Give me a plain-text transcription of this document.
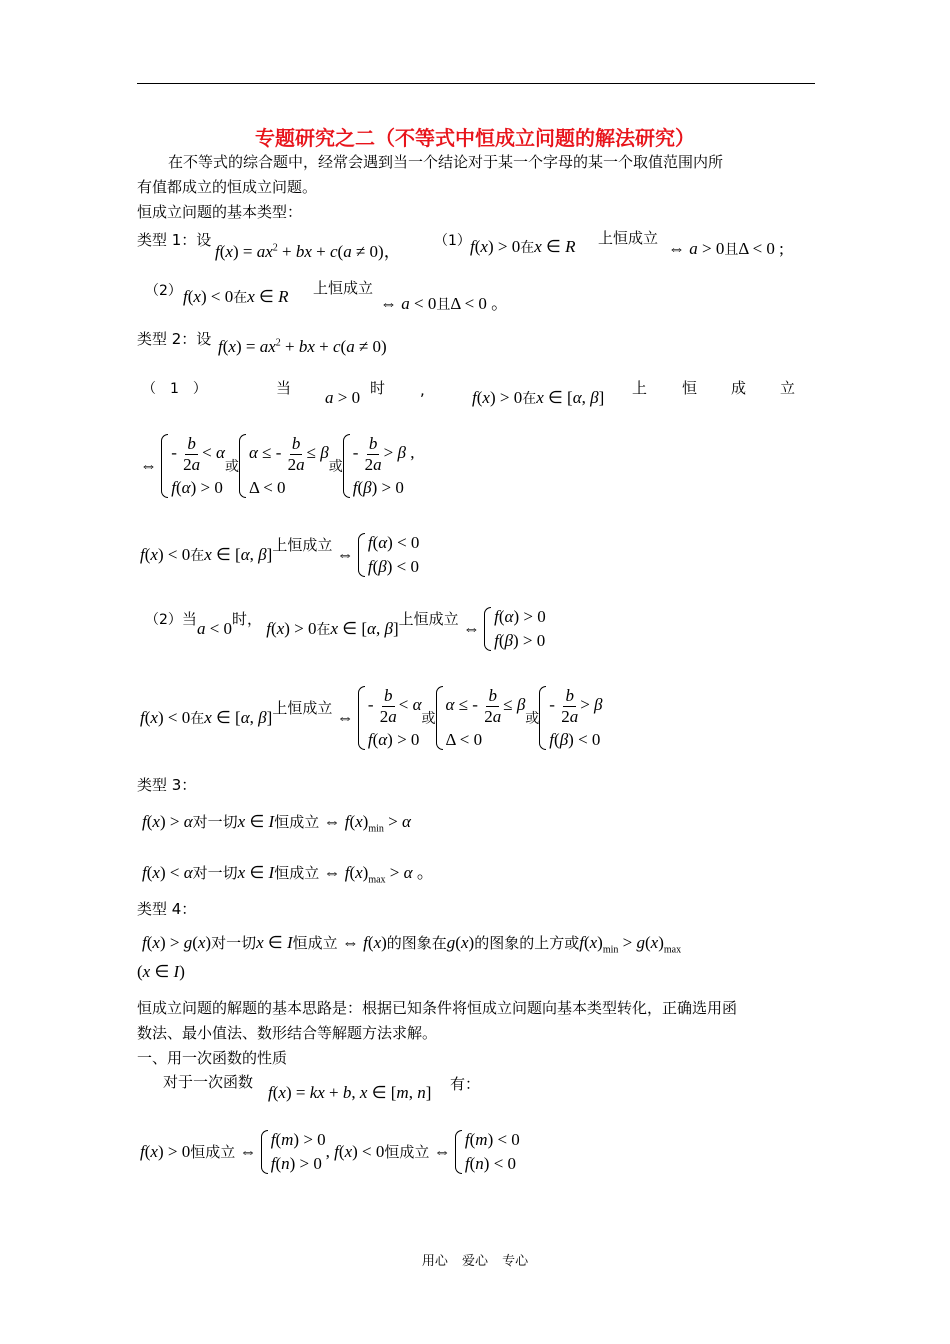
专题研究之二（不等式中恒成立问题的解法研究）
在不等式的综合题中，经常会遇到当一个结论对于某一个字母的某一个取值范围内所
有值都成立的恒成立问题。
恒成立问题的基本类型：
类型 1：设
$f(x) = ax^2$ + bx + c(a ≠ 0)，
（1） f(x) > 0在x ∈ R 上恒成立
⇔ a > 0且Δ < 0 ;
（2） f(x) < 0在x ∈ R 上恒成立
⇔ a < 0且Δ < 0 。
类型 2：设 $f(x) = ax^2$ + bx + c(a ≠ 0)
（　1　）	当 a > 0 时 ,	f(x) > 0在x ∈ [α, β] 上 恒 成 立
⇔
- $\frac{b}{2a} < \alpha$
f(α) > 0
或
α ≤ - $\frac{b}{2a} \le \beta$
Δ < 0
或
- $\frac{b}{2a} > \beta$ ,
f(β) > 0
f(x) < 0在x ∈ [α, β]
上恒成立
⇔
f(α) < 0
f(β) < 0
（2） 当
a < 0
时，
f(x) > 0在x ∈ [α, β]
上恒成立
⇔
f(α) > 0
f(β) > 0
f(x) < 0在x ∈ [α, β]
上恒成立
⇔
- $\frac{b}{2a} < \alpha$
f(α) > 0
或
α ≤ - $\frac{b}{2a} \le \beta$
Δ < 0
或
- $\frac{b}{2a} > \beta$
f(β) < 0
类型 3：
f(x) > α对一切x ∈ I恒成立 ⇔ $f(x)_{min} > \alpha$
f(x) < α对一切x ∈ I恒成立 ⇔ $f(x)_{max} > \alpha$ 。
类型 4：
f(x) > g(x)对一切x ∈ I恒成立 ⇔ f(x)的图象在g(x)的图象的上方或$f(x)_{min} > g(x)_{max}$
(x ∈ I)
恒成立问题的解题的基本思路是：根据已知条件将恒成立问题向基本类型转化，正确选用函
数法、最小值法、数形结合等解题方法求解。
一、用一次函数的性质
对于一次函数
f(x) = kx + b, x ∈ [m, n] 有：
f(x) > 0 恒成立 ⇔
f(m) > 0
f(n) > 0
, f(x) < 0 恒成立 ⇔
f(m) < 0
f(n) < 0
用心 爱心 专心
